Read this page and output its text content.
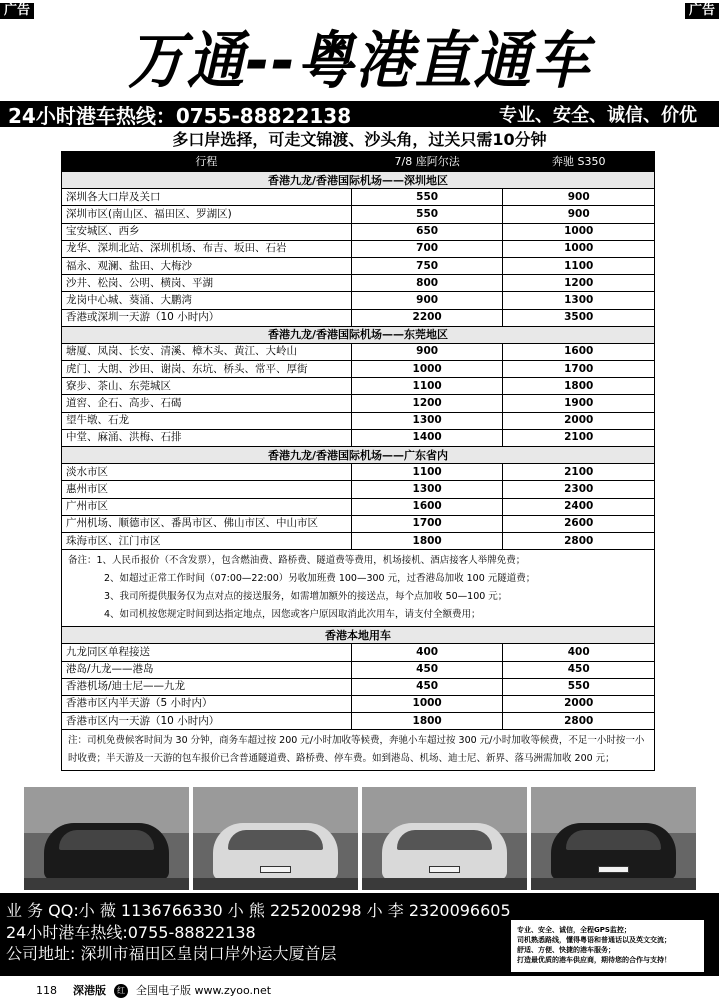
广告	广告
万通--粤港直通车
24小时港车热线：0755-88822138	专业、安全、诚信、价优
多口岸选择，可走文锦渡、沙头角，过关只需10分钟
行程	7/8 座阿尔法	奔驰 S350
香港九龙/香港国际机场——深圳地区		
深圳各大口岸及关口	550	900
深圳市区(南山区、福田区、罗湖区)	550	900
宝安城区、西乡	650	1000
龙华、深圳北站、深圳机场、布吉、坂田、石岩	700	1000
福永、观澜、盐田、大梅沙	750	1100
沙井、松岗、公明、横岗、平湖	800	1200
龙岗中心城、葵涌、大鹏湾	900	1300
香港或深圳一天游（10 小时内）	2200	3500
香港九龙/香港国际机场——东莞地区		
塘厦、凤岗、长安、清溪、樟木头、黄江、大岭山	900	1600
虎门、大朗、沙田、谢岗、东坑、桥头、常平、厚街	1000	1700
寮步、茶山、东莞城区	1100	1800
道窖、企石、高步、石碣	1200	1900
望牛墩、石龙	1300	2000
中堂、麻涌、洪梅、石排	1400	2100
香港九龙/香港国际机场——广东省内		
淡水市区	1100	2100
惠州市区	1300	2300
广州市区	1600	2400
广州机场、顺德市区、番禺市区、佛山市区、中山市区	1700	2600
珠海市区、江门市区	1800	2800

备注：1、人民币报价（不含发票），包含燃油费、路桥费、隧道费等费用，机场接机、酒店接客人举牌免费；

2、如超过正常工作时间（07:00—22:00）另收加班费 100—300 元，过香港岛加收 100 元隧道费；

3、我司所提供服务仅为点对点的接送服务，如需增加额外的接送点，每个点加收 50—100 元；

4、如司机按您规定时间到达指定地点，因您或客户原因取消此次用车，请支付全额费用；		

香港本地用车		
九龙同区单程接送	400	400
港岛/九龙——港岛	450	450
香港机场/迪士尼——九龙	450	550
香港市区内半天游（5 小时内）	1000	2000
香港市区内一天游（10 小时内）	1800	2800
注：司机免费候客时间为 30 分钟，商务车超过按 200 元/小时加收等候费，奔驰小车超过按 300 元/小时加收等候费，不足一小时按一小时收费；半天游及一天游的包车报价已含普通隧道费、路桥费、停车费。如到港岛、机场、迪士尼、新界、落马洲需加收 200 元；		
业 务 QQ:小 薇 1136766330 小 熊 225200298 小 李 2320096605
24小时港车热线:0755-88822138
公司地址: 深圳市福田区皇岗口岸外运大厦首层
专业、安全、诚信，全程GPS监控；
司机熟悉路线，懂得粤语和普通话以及英文交流；
舒适、方便、快捷的港车服务；
打造最优质的港车供应商，期待您的合作与支持！
118 深港版	红 全国电子版 www.zyoo.net
